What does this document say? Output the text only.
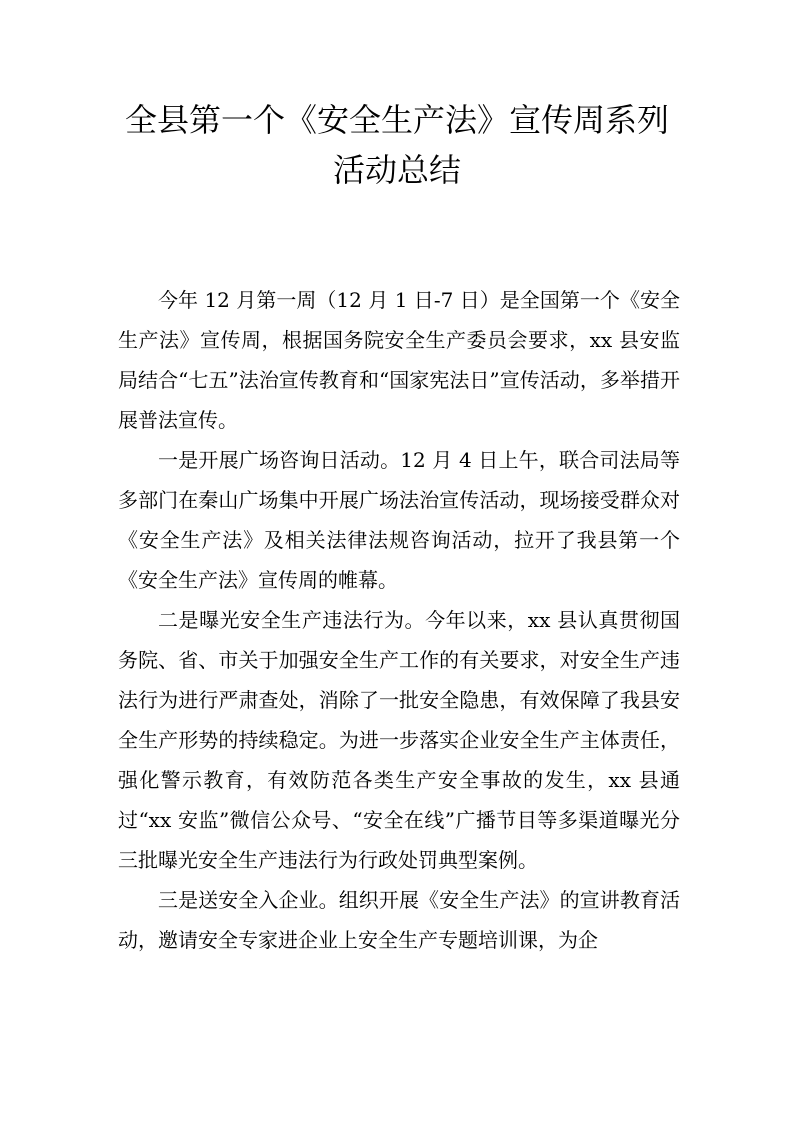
全县第一个《安全生产法》宣传周系列
活动总结

今年 12 月第一周（12 月 1 日-7 日）是全国第一个《安全生产法》宣传周，根据国务院安全生产委员会要求，xx 县安监局结合“七五”法治宣传教育和“国家宪法日”宣传活动，多举措开展普法宣传。

一是开展广场咨询日活动。12 月 4 日上午，联合司法局等多部门在秦山广场集中开展广场法治宣传活动，现场接受群众对《安全生产法》及相关法律法规咨询活动，拉开了我县第一个《安全生产法》宣传周的帷幕。

二是曝光安全生产违法行为。今年以来，xx 县认真贯彻国务院、省、市关于加强安全生产工作的有关要求，对安全生产违法行为进行严肃查处，消除了一批安全隐患，有效保障了我县安全生产形势的持续稳定。为进一步落实企业安全生产主体责任，强化警示教育，有效防范各类生产安全事故的发生，xx 县通过“xx 安监”微信公众号、“安全在线”广播节目等多渠道曝光分三批曝光安全生产违法行为行政处罚典型案例。

三是送安全入企业。组织开展《安全生产法》的宣讲教育活动，邀请安全专家进企业上安全生产专题培训课，为企
